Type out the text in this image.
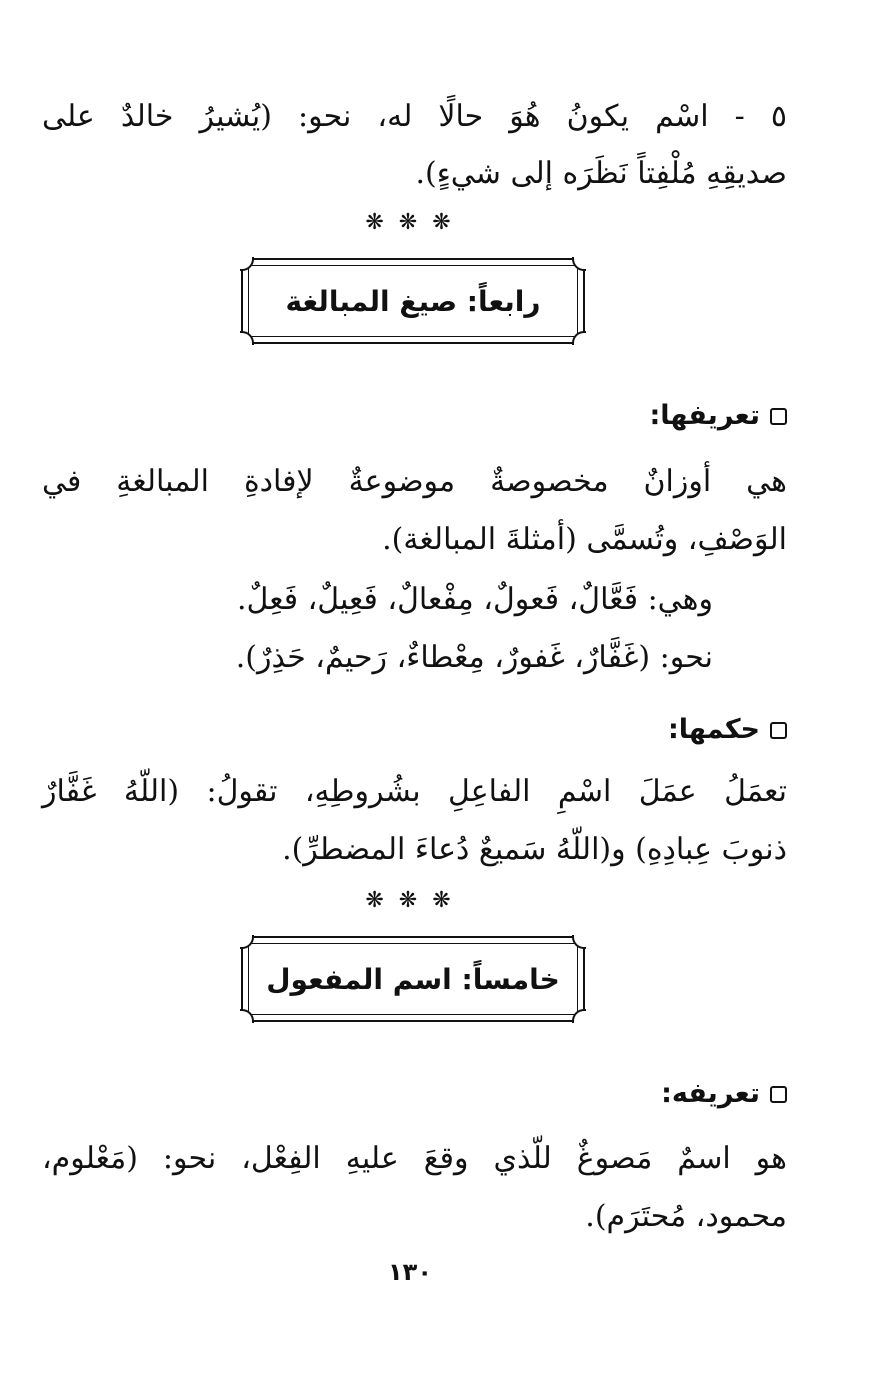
٥ - اسْم يكونُ هُوَ حالًا له، نحو: (يُشيرُ خالدٌ على
صديقِهِ مُلْفِتاً نَظَرَه إلى شيءٍ).
❋ ❋ ❋
رابعاً: صيغ المبالغة
تعريفها:
هي أوزانٌ مخصوصةٌ موضوعةٌ لإفادةِ المبالغةِ في
الوَصْفِ، وتُسمَّى (أمثلةَ المبالغة).
وهي: فَعَّالٌ، فَعولٌ، مِفْعالٌ، فَعِيلٌ، فَعِلٌ.
نحو: (غَفَّارٌ، غَفورٌ، مِعْطاءٌ، رَحيمٌ، حَذِرٌ).
حكمها:
تعمَلُ عمَلَ اسْمِ الفاعِلِ بشُروطِهِ، تقولُ: (اللّهُ غَفَّارٌ
ذنوبَ عِبادِهِ) و(اللّهُ سَميعٌ دُعاءَ المضطرِّ).
❋ ❋ ❋
خامساً: اسم المفعول
تعريفه:
هو اسمٌ مَصوغٌ للّذي وقعَ عليهِ الفِعْل، نحو: (مَعْلوم،
محمود، مُحتَرَم).
١٣٠
